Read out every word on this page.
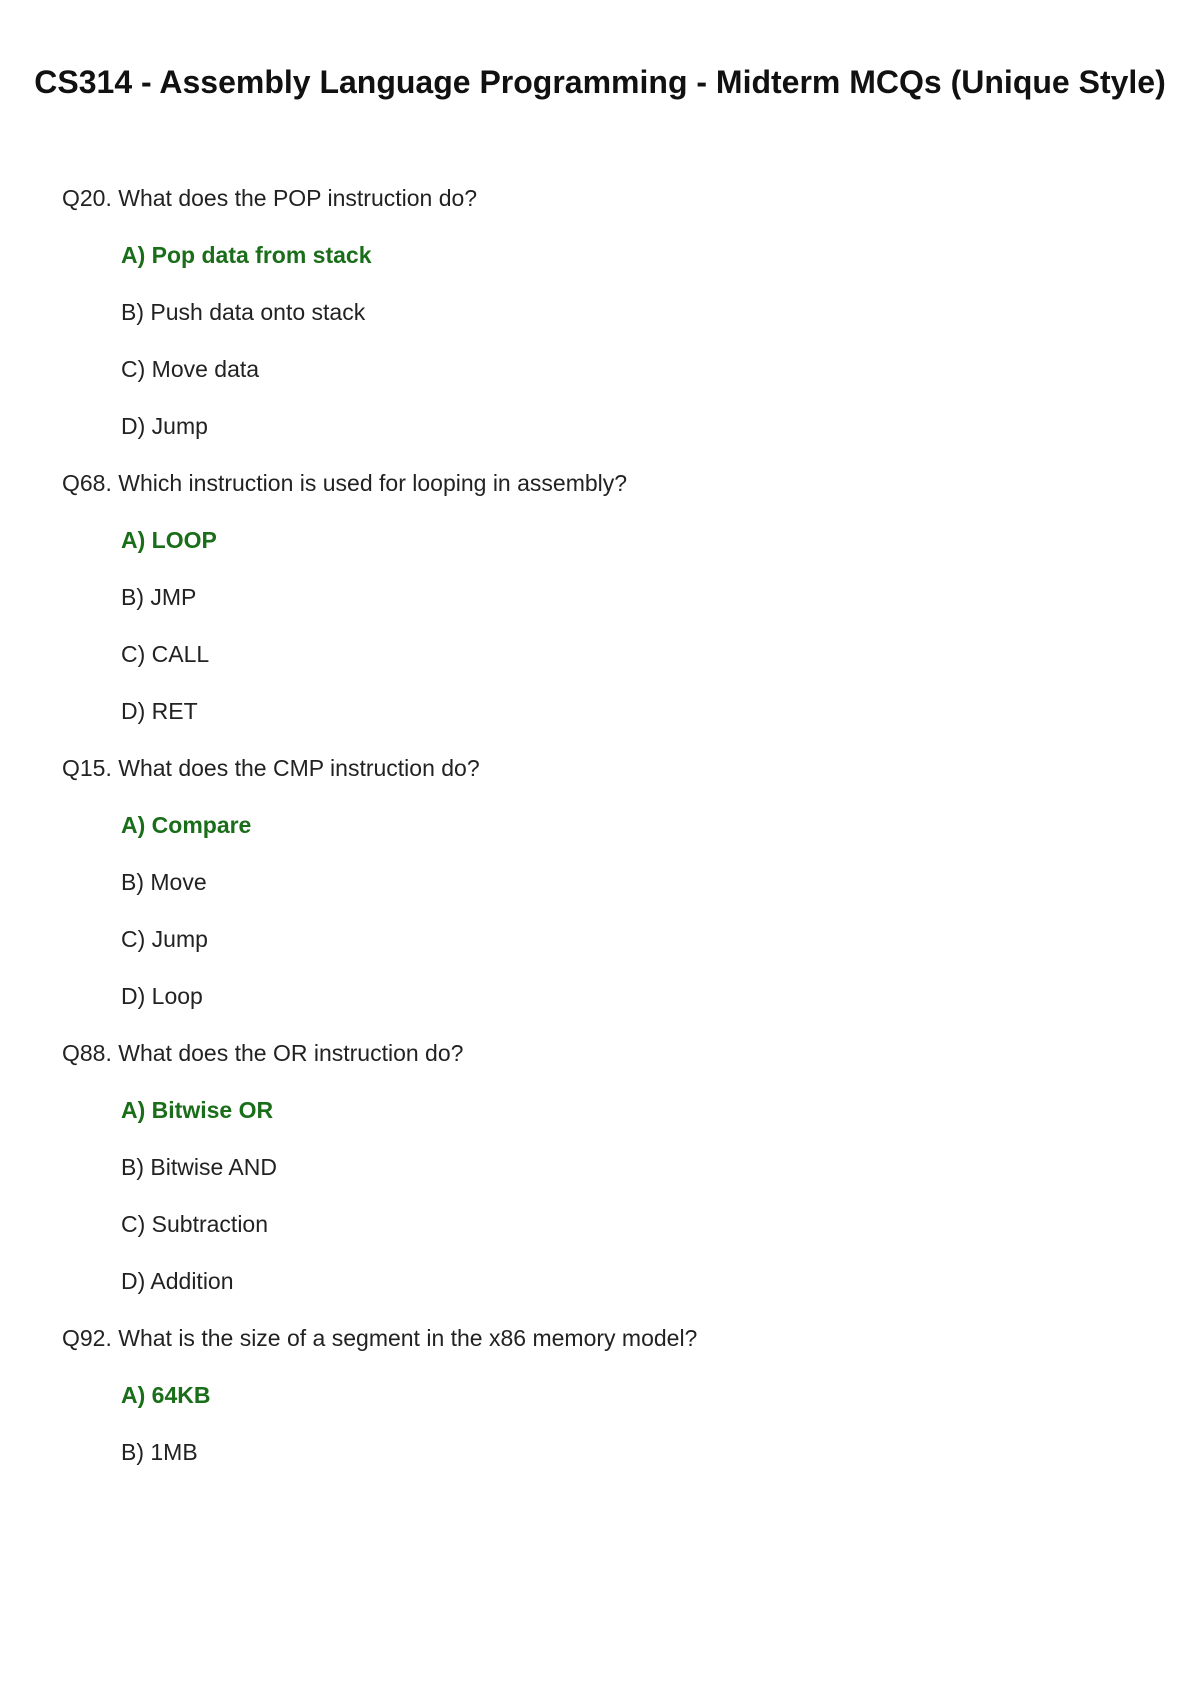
CS314 - Assembly Language Programming - Midterm MCQs (Unique Style)
Q20. What does the POP instruction do?
A) Pop data from stack
B) Push data onto stack
C) Move data
D) Jump
Q68. Which instruction is used for looping in assembly?
A) LOOP
B) JMP
C) CALL
D) RET
Q15. What does the CMP instruction do?
A) Compare
B) Move
C) Jump
D) Loop
Q88. What does the OR instruction do?
A) Bitwise OR
B) Bitwise AND
C) Subtraction
D) Addition
Q92. What is the size of a segment in the x86 memory model?
A) 64KB
B) 1MB
